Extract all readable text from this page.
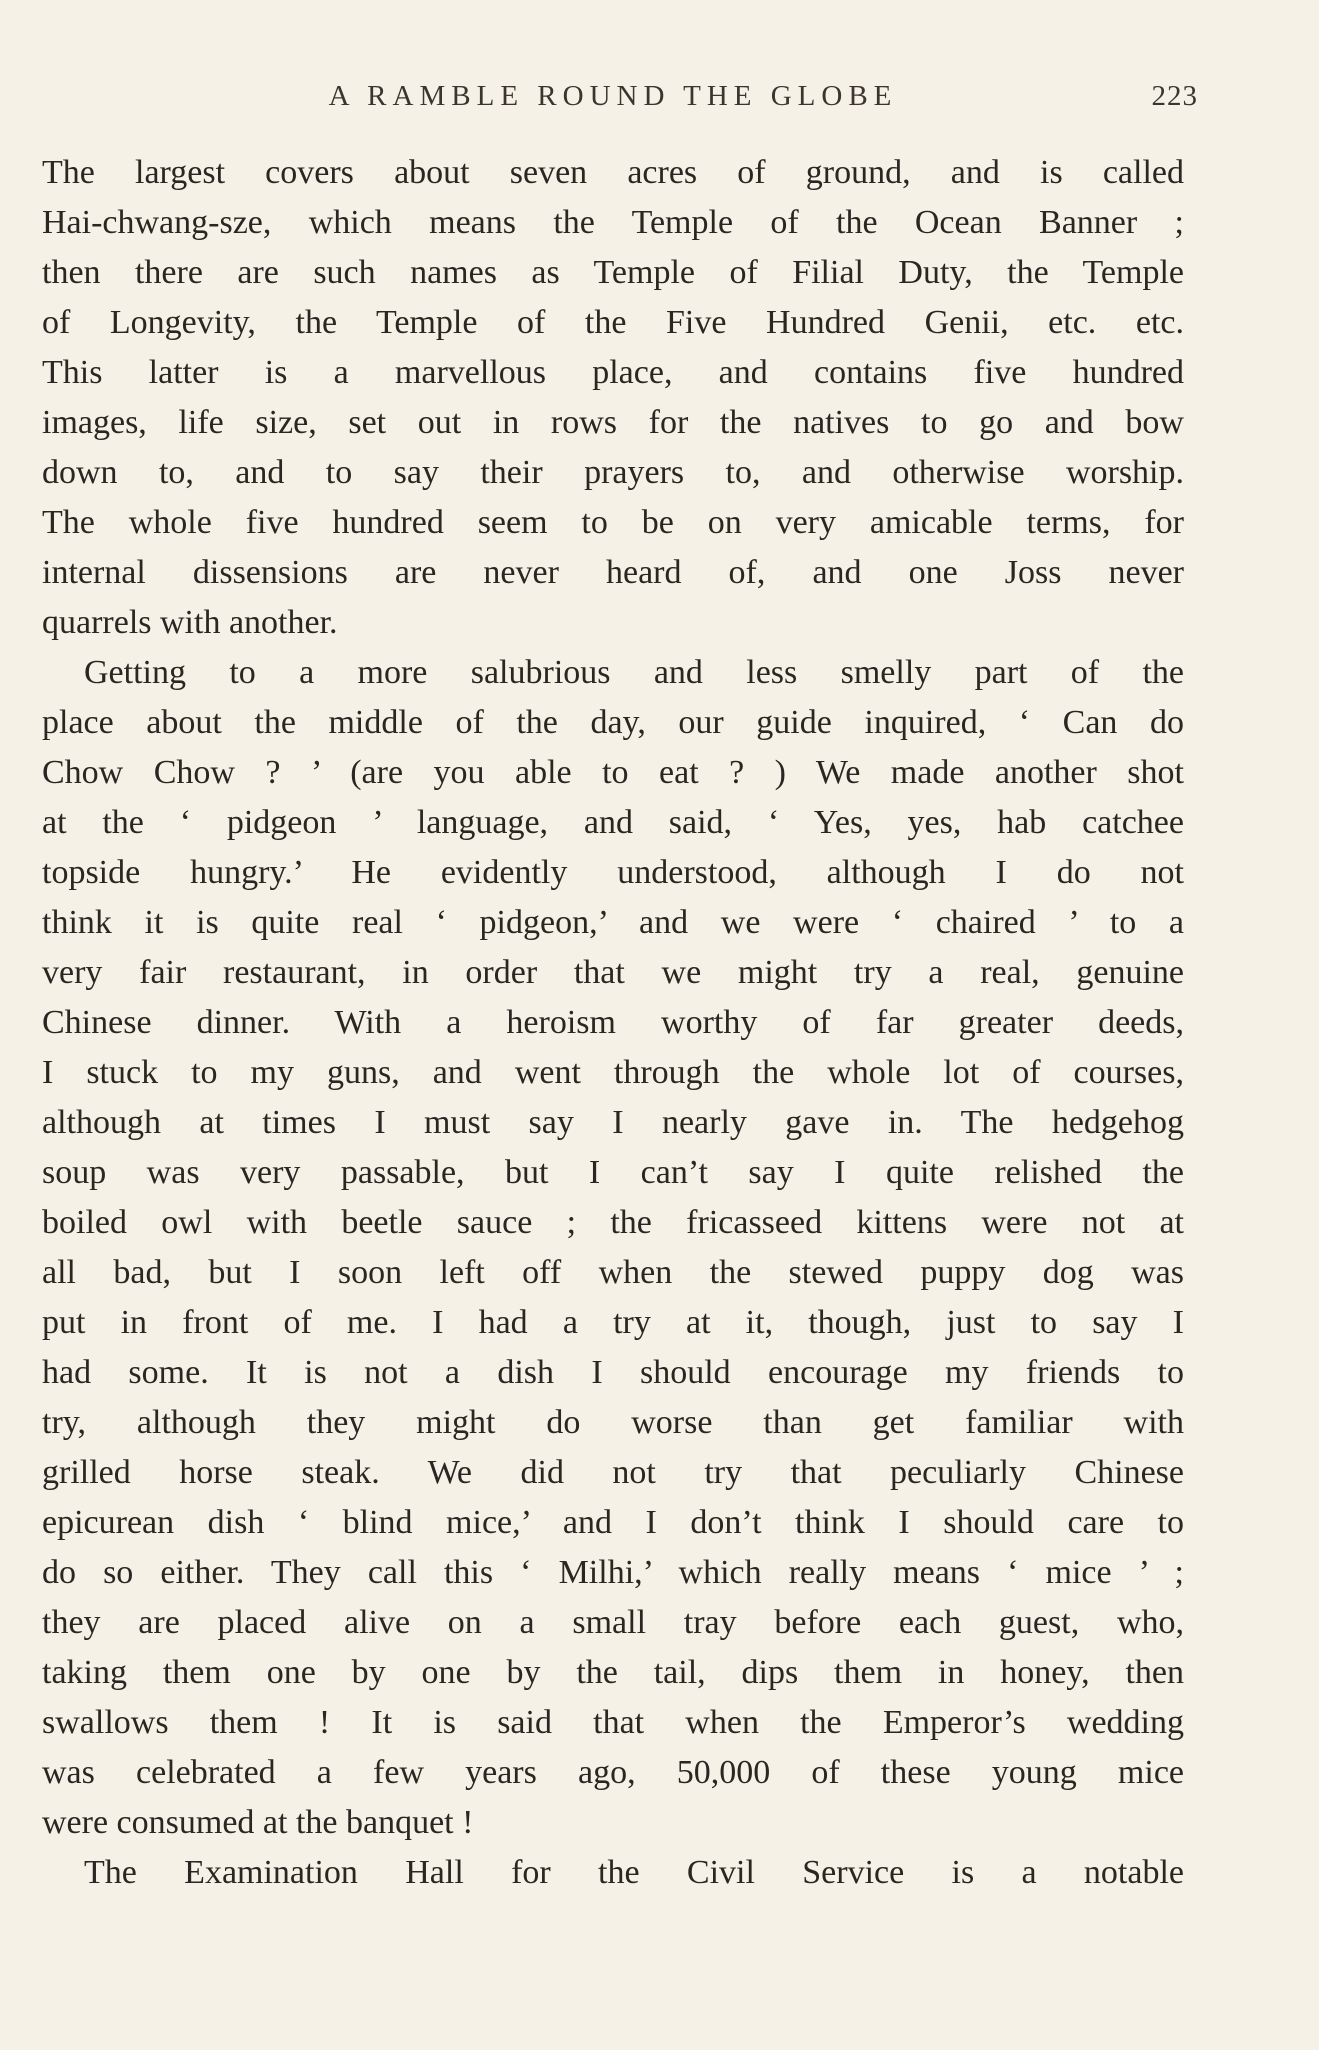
A RAMBLE ROUND THE GLOBE	223

The largest covers about seven acres of ground, and is called
Hai-chwang-sze, which means the Temple of the Ocean Banner ;
then there are such names as Temple of Filial Duty, the Temple
of Longevity, the Temple of the Five Hundred Genii, etc. etc.
This latter is a marvellous place, and contains five hundred
images, life size, set out in rows for the natives to go and bow
down to, and to say their prayers to, and otherwise worship.
The whole five hundred seem to be on very amicable terms, for
internal dissensions are never heard of, and one Joss never
quarrels with another.

Getting to a more salubrious and less smelly part of the
place about the middle of the day, our guide inquired, ‘ Can do
Chow Chow ? ’ (are you able to eat ? ) We made another shot
at the ‘ pidgeon ’ language, and said, ‘ Yes, yes, hab catchee
topside hungry.’ He evidently understood, although I do not
think it is quite real ‘ pidgeon,’ and we were ‘ chaired ’ to a
very fair restaurant, in order that we might try a real, genuine
Chinese dinner. With a heroism worthy of far greater deeds,
I stuck to my guns, and went through the whole lot of courses,
although at times I must say I nearly gave in. The hedgehog
soup was very passable, but I can’t say I quite relished the
boiled owl with beetle sauce ; the fricasseed kittens were not at
all bad, but I soon left off when the stewed puppy dog was
put in front of me. I had a try at it, though, just to say I
had some. It is not a dish I should encourage my friends to
try, although they might do worse than get familiar with
grilled horse steak. We did not try that peculiarly Chinese
epicurean dish ‘ blind mice,’ and I don’t think I should care to
do so either. They call this ‘ Milhi,’ which really means ‘ mice ’ ;
they are placed alive on a small tray before each guest, who,
taking them one by one by the tail, dips them in honey, then
swallows them ! It is said that when the Emperor’s wedding
was celebrated a few years ago, 50,000 of these young mice
were consumed at the banquet !

The Examination Hall for the Civil Service is a notable
